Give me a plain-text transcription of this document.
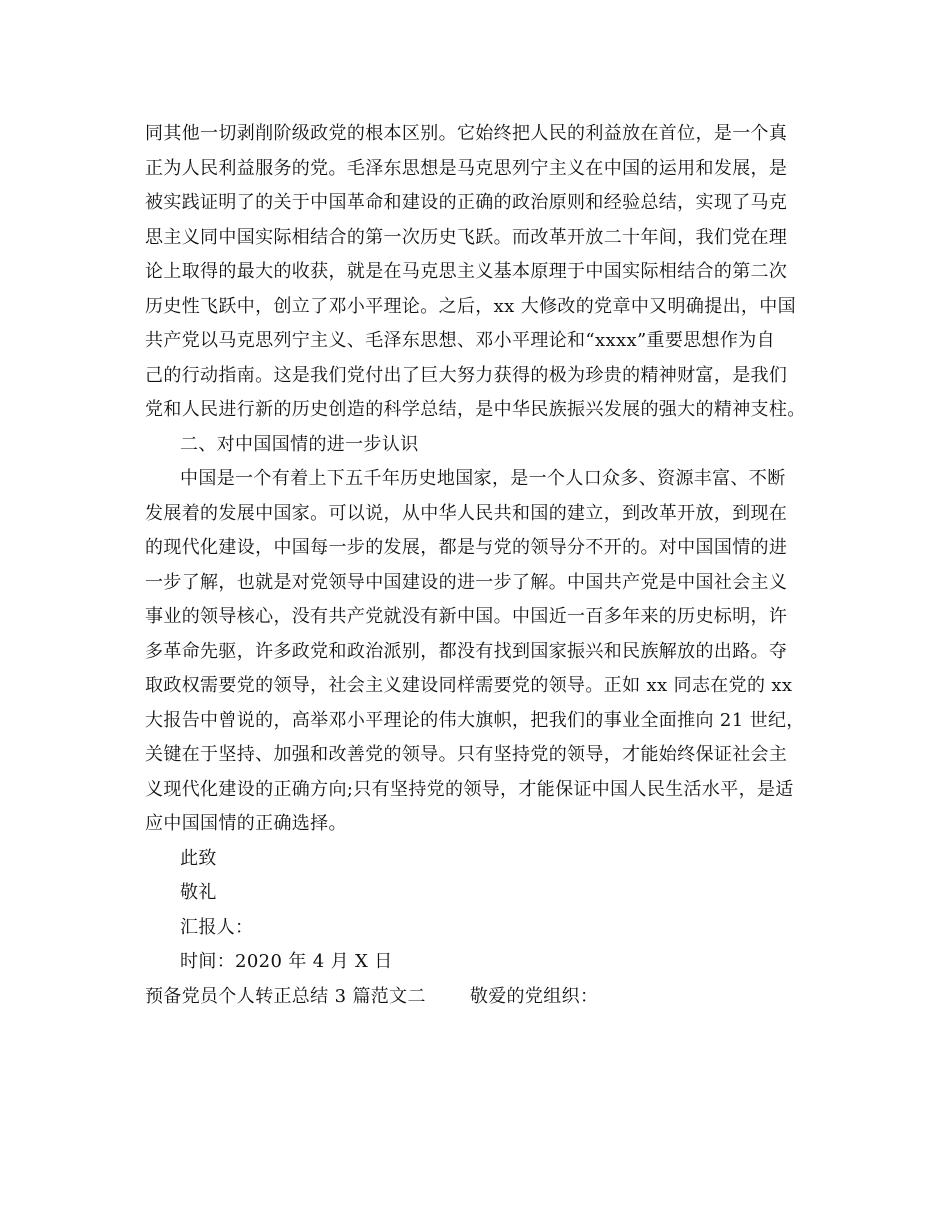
同其他一切剥削阶级政党的根本区别。它始终把人民的利益放在首位，是一个真
正为人民利益服务的党。毛泽东思想是马克思列宁主义在中国的运用和发展，是
被实践证明了的关于中国革命和建设的正确的政治原则和经验总结，实现了马克
思主义同中国实际相结合的第一次历史飞跃。而改革开放二十年间，我们党在理
论上取得的最大的收获，就是在马克思主义基本原理于中国实际相结合的第二次
历史性飞跃中，创立了邓小平理论。之后，xx 大修改的党章中又明确提出，中国
共产党以马克思列宁主义、毛泽东思想、邓小平理论和“xxxx”重要思想作为自
己的行动指南。这是我们党付出了巨大努力获得的极为珍贵的精神财富，是我们
党和人民进行新的历史创造的科学总结，是中华民族振兴发展的强大的精神支柱。
二、对中国国情的进一步认识
中国是一个有着上下五千年历史地国家，是一个人口众多、资源丰富、不断
发展着的发展中国家。可以说，从中华人民共和国的建立，到改革开放，到现在
的现代化建设，中国每一步的发展，都是与党的领导分不开的。对中国国情的进
一步了解，也就是对党领导中国建设的进一步了解。中国共产党是中国社会主义
事业的领导核心，没有共产党就没有新中国。中国近一百多年来的历史标明，许
多革命先驱，许多政党和政治派别，都没有找到国家振兴和民族解放的出路。夺
取政权需要党的领导，社会主义建设同样需要党的领导。正如 xx 同志在党的 xx
大报告中曾说的，高举邓小平理论的伟大旗帜，把我们的事业全面推向 21 世纪，
关键在于坚持、加强和改善党的领导。只有坚持党的领导，才能始终保证社会主
义现代化建设的正确方向;只有坚持党的领导，才能保证中国人民生活水平，是适
应中国国情的正确选择。
此致
敬礼
汇报人：
时间：2020 年 4 月 X 日
预备党员个人转正总结 3 篇范文二 敬爱的党组织：
